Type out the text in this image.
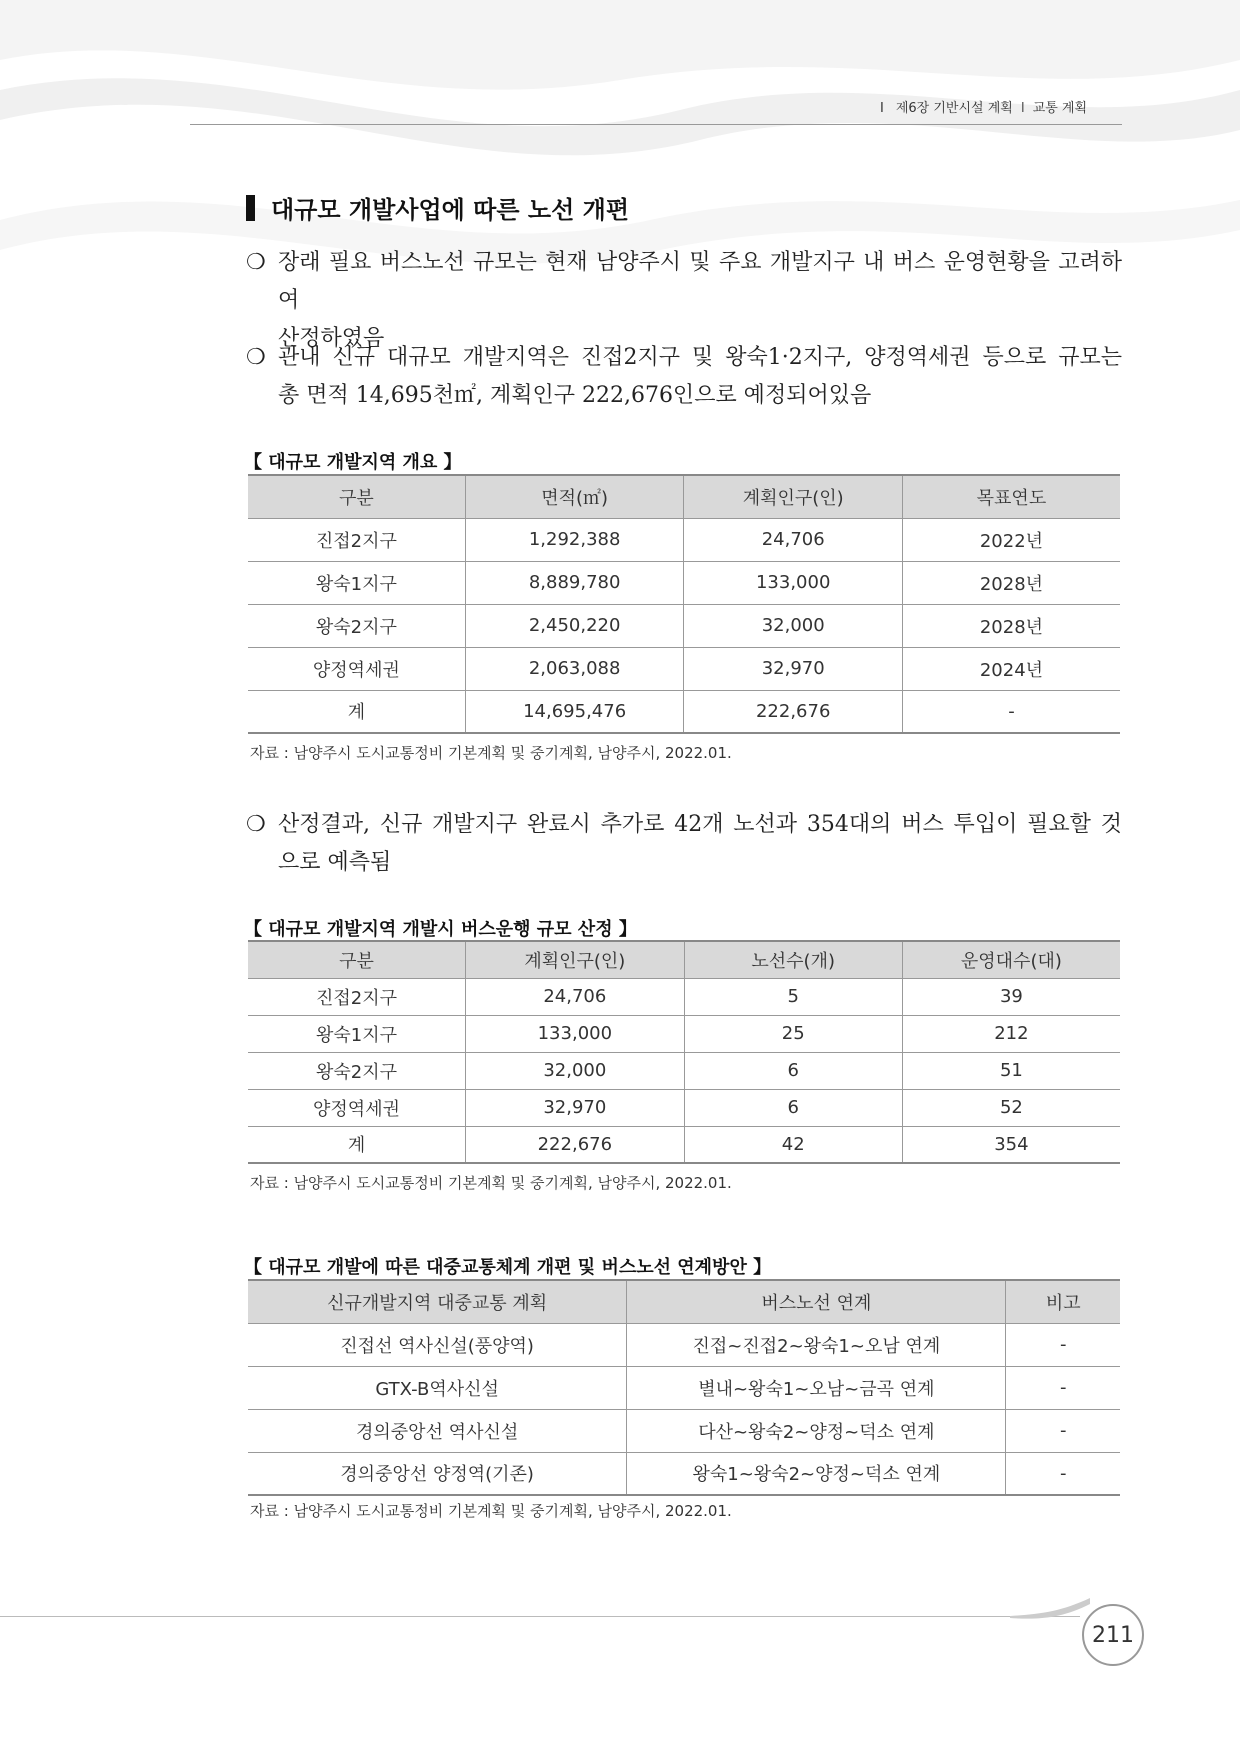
I 제6장 기반시설 계획 I 교통 계획
대규모 개발사업에 따른 노선 개편
❍ 장래 필요 버스노선 규모는 현재 남양주시 및 주요 개발지구 내 버스 운영현황을 고려하여
산정하였음
❍ 관내 신규 대규모 개발지역은 진접2지구 및 왕숙1·2지구, 양정역세권 등으로 규모는
총 면적 14,695천㎡, 계획인구 222,676인으로 예정되어있음
【 대규모 개발지역 개요 】
구분	면적(㎡)	계획인구(인)	목표연도
진접2지구	1,292,388	24,706	2022년
왕숙1지구	8,889,780	133,000	2028년
왕숙2지구	2,450,220	32,000	2028년
양정역세권	2,063,088	32,970	2024년
계	14,695,476	222,676	-
자료 : 남양주시 도시교통정비 기본계획 및 중기계획, 남양주시, 2022.01.
❍ 산정결과, 신규 개발지구 완료시 추가로 42개 노선과 354대의 버스 투입이 필요할 것
으로 예측됨
【 대규모 개발지역 개발시 버스운행 규모 산정 】
구분	계획인구(인)	노선수(개)	운영대수(대)
진접2지구	24,706	5	39
왕숙1지구	133,000	25	212
왕숙2지구	32,000	6	51
양정역세권	32,970	6	52
계	222,676	42	354
자료 : 남양주시 도시교통정비 기본계획 및 중기계획, 남양주시, 2022.01.
【 대규모 개발에 따른 대중교통체계 개편 및 버스노선 연계방안 】
신규개발지역 대중교통 계획	버스노선 연계	비고
진접선 역사신설(풍양역)	진접~진접2~왕숙1~오남 연계	-
GTX-B역사신설	별내~왕숙1~오남~금곡 연계	-
경의중앙선 역사신설	다산~왕숙2~양정~덕소 연계	-
경의중앙선 양정역(기존)	왕숙1~왕숙2~양정~덕소 연계	-
자료 : 남양주시 도시교통정비 기본계획 및 중기계획, 남양주시, 2022.01.
211
